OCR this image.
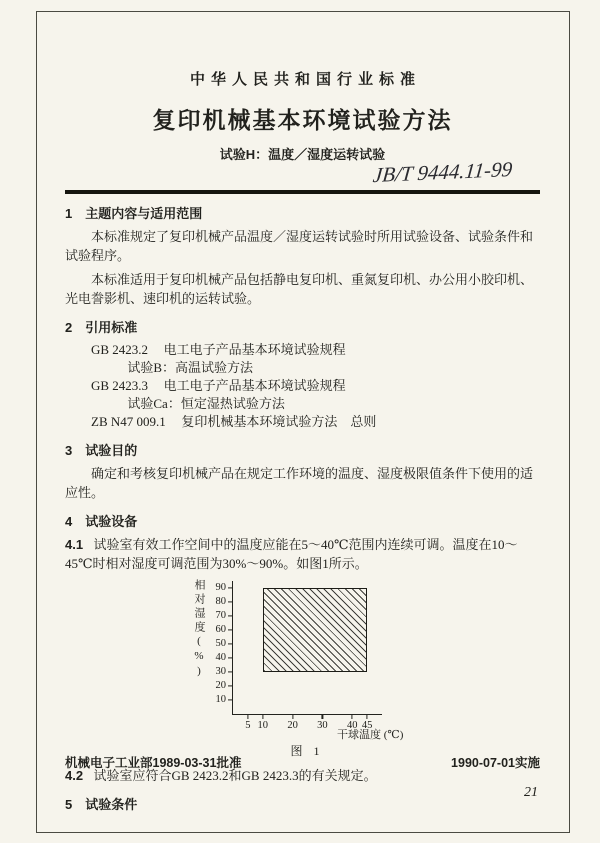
中华人民共和国行业标准
复印机械基本环境试验方法
试验H：温度／湿度运转试验
JB/T 9444.11-99
1　主题内容与适用范围

本标准规定了复印机械产品温度／湿度运转试验时所用试验设备、试验条件和试验程序。

本标准适用于复印机械产品包括静电复印机、重氮复印机、办公用小胶印机、光电誊影机、速印机的运转试验。

2　引用标准
GB 2423.2 电工电子产品基本环境试验规程
试验B：高温试验方法
GB 2423.3 电工电子产品基本环境试验规程
试验Ca：恒定湿热试验方法
ZB N47 009.1 复印机械基本环境试验方法　总则
3　试验目的

确定和考核复印机械产品在规定工作环境的温度、湿度极限值条件下使用的适应性。

4　试验设备

4.1 试验室有效工作空间中的温度应能在5～40℃范围内连续可调。温度在10～45℃时相对湿度可调范围为30%～90%。如图1所示。

相对湿度(%)
10
20
30
40
50
60
70
80
90
5 10 20 30 40 45
干球温度 (℃)
图 1

4.2 试验室应符合GB 2423.2和GB 2423.3的有关规定。

5　试验条件
机械电子工业部1989-03-31批准	1990-07-01实施
21
